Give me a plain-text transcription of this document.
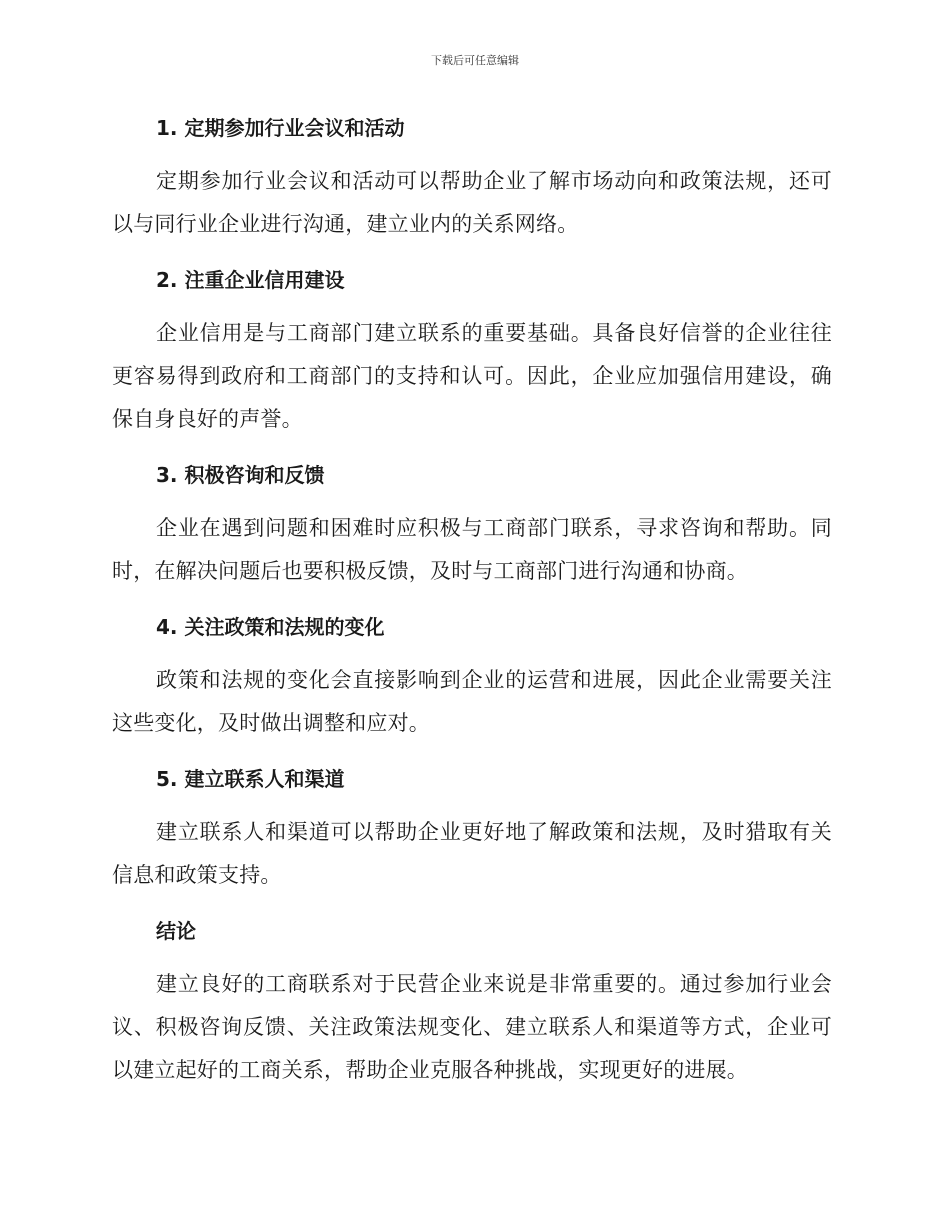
下载后可任意编辑
1. 定期参加行业会议和活动

定期参加行业会议和活动可以帮助企业了解市场动向和政策法规，还可以与同行业企业进行沟通，建立业内的关系网络。

2. 注重企业信用建设

企业信用是与工商部门建立联系的重要基础。具备良好信誉的企业往往更容易得到政府和工商部门的支持和认可。因此，企业应加强信用建设，确保自身良好的声誉。

3. 积极咨询和反馈

企业在遇到问题和困难时应积极与工商部门联系，寻求咨询和帮助。同时，在解决问题后也要积极反馈，及时与工商部门进行沟通和协商。

4. 关注政策和法规的变化

政策和法规的变化会直接影响到企业的运营和进展，因此企业需要关注这些变化，及时做出调整和应对。

5. 建立联系人和渠道

建立联系人和渠道可以帮助企业更好地了解政策和法规，及时猎取有关信息和政策支持。

结论

建立良好的工商联系对于民营企业来说是非常重要的。通过参加行业会议、积极咨询反馈、关注政策法规变化、建立联系人和渠道等方式，企业可以建立起好的工商关系，帮助企业克服各种挑战，实现更好的进展。
